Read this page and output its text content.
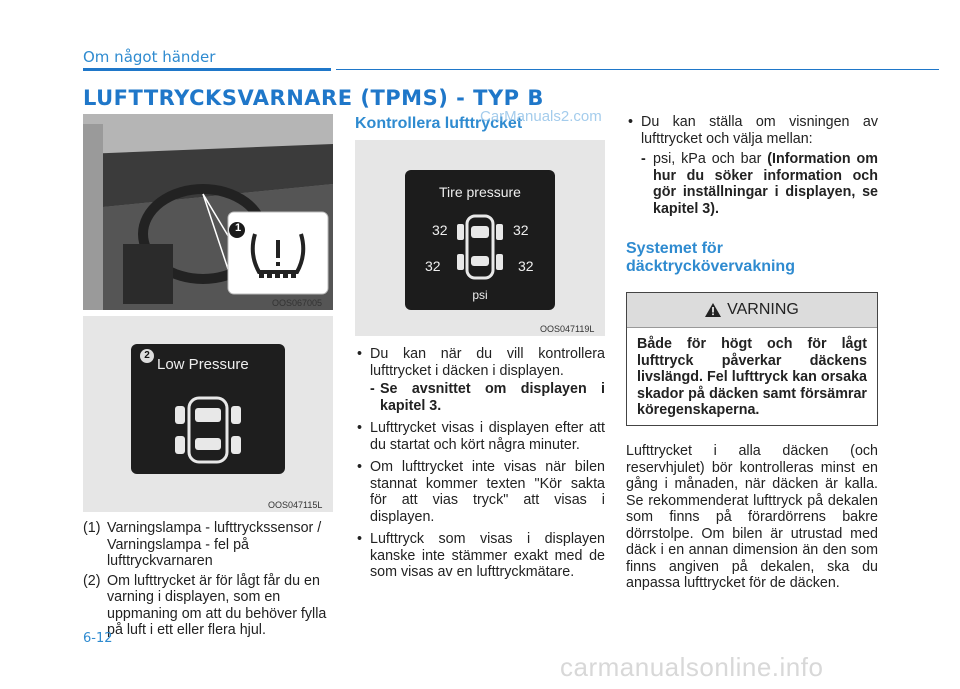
Om något händer
LUFTTRYCKSVARNARE (TPMS) - TYP B
1
OOS067005
2
Low Pressure
OOS047115L
(1) Varningslampa - lufttryckssensor / Varningslampa - fel på lufttryckvarnaren
(2) Om lufttrycket är för lågt får du en varning i displayen, som en uppmaning om att du behöver fylla på luft i ett eller flera hjul.
Kontrollera lufttrycket
CarManuals2.com
Tire pressure
32	32
32	32
psi
OOS047119L
• Du kan när du vill kontrollera lufttrycket i däcken i displayen.
- Se avsnittet om displayen i kapitel 3.
• Lufttrycket visas i displayen efter att du startat och kört några minuter.
• Om lufttrycket inte visas när bilen stannat kommer texten "Kör sakta för att vias tryck" att visas i displayen.
• Lufttryck som visas i displayen kanske inte stämmer exakt med de som visas av en lufttryckmätare.
• Du kan ställa om visningen av lufttrycket och välja mellan:
- psi, kPa och bar (Information om hur du söker information och gör inställningar i displayen, se kapitel 3).
Systemet för däcktryckövervakning
VARNING
Både för högt och för lågt lufttryck påverkar däckens livslängd. Fel lufttryck kan orsaka skador på däcken samt försämrar köregenskaperna.
Lufttrycket i alla däcken (och reservhjulet) bör kontrolleras minst en gång i månaden, när däcken är kalla. Se rekommenderat lufttryck på dekalen som finns på förardörrens bakre dörrstolpe. Om bilen är utrustad med däck i en annan dimension än den som finns angiven på dekalen, ska du anpassa lufttrycket för de däcken.
6-12
carmanualsonline.info
